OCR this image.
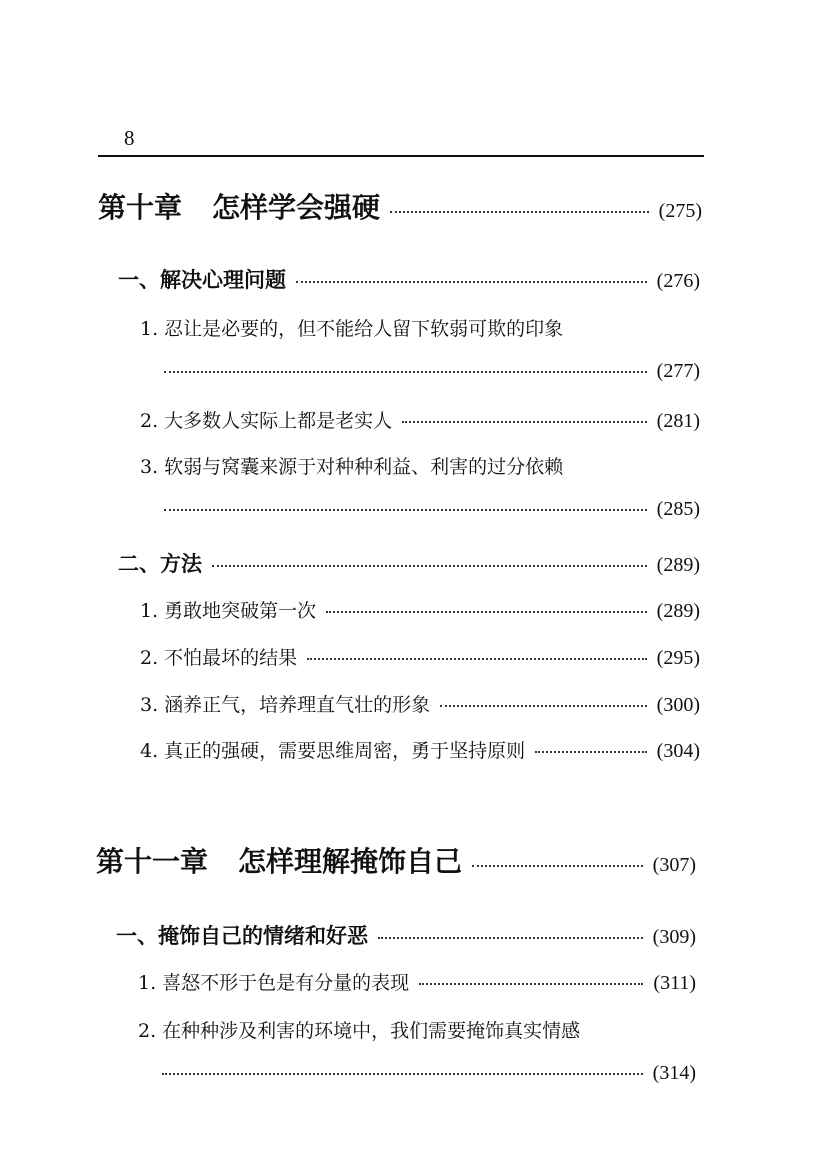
8
第十章 怎样学会强硬	(275)
一、解决心理问题	(276)
1. 忍让是必要的，但不能给人留下软弱可欺的印象
(277)
2. 大多数人实际上都是老实人	(281)
3. 软弱与窝囊来源于对种种利益、利害的过分依赖
(285)
二、方法	(289)
1. 勇敢地突破第一次	(289)
2. 不怕最坏的结果	(295)
3. 涵养正气，培养理直气壮的形象	(300)
4. 真正的强硬，需要思维周密，勇于坚持原则	(304)
第十一章 怎样理解掩饰自己	(307)
一、掩饰自己的情绪和好恶	(309)
1. 喜怒不形于色是有分量的表现	(311)
2. 在种种涉及利害的环境中，我们需要掩饰真实情感
(314)
